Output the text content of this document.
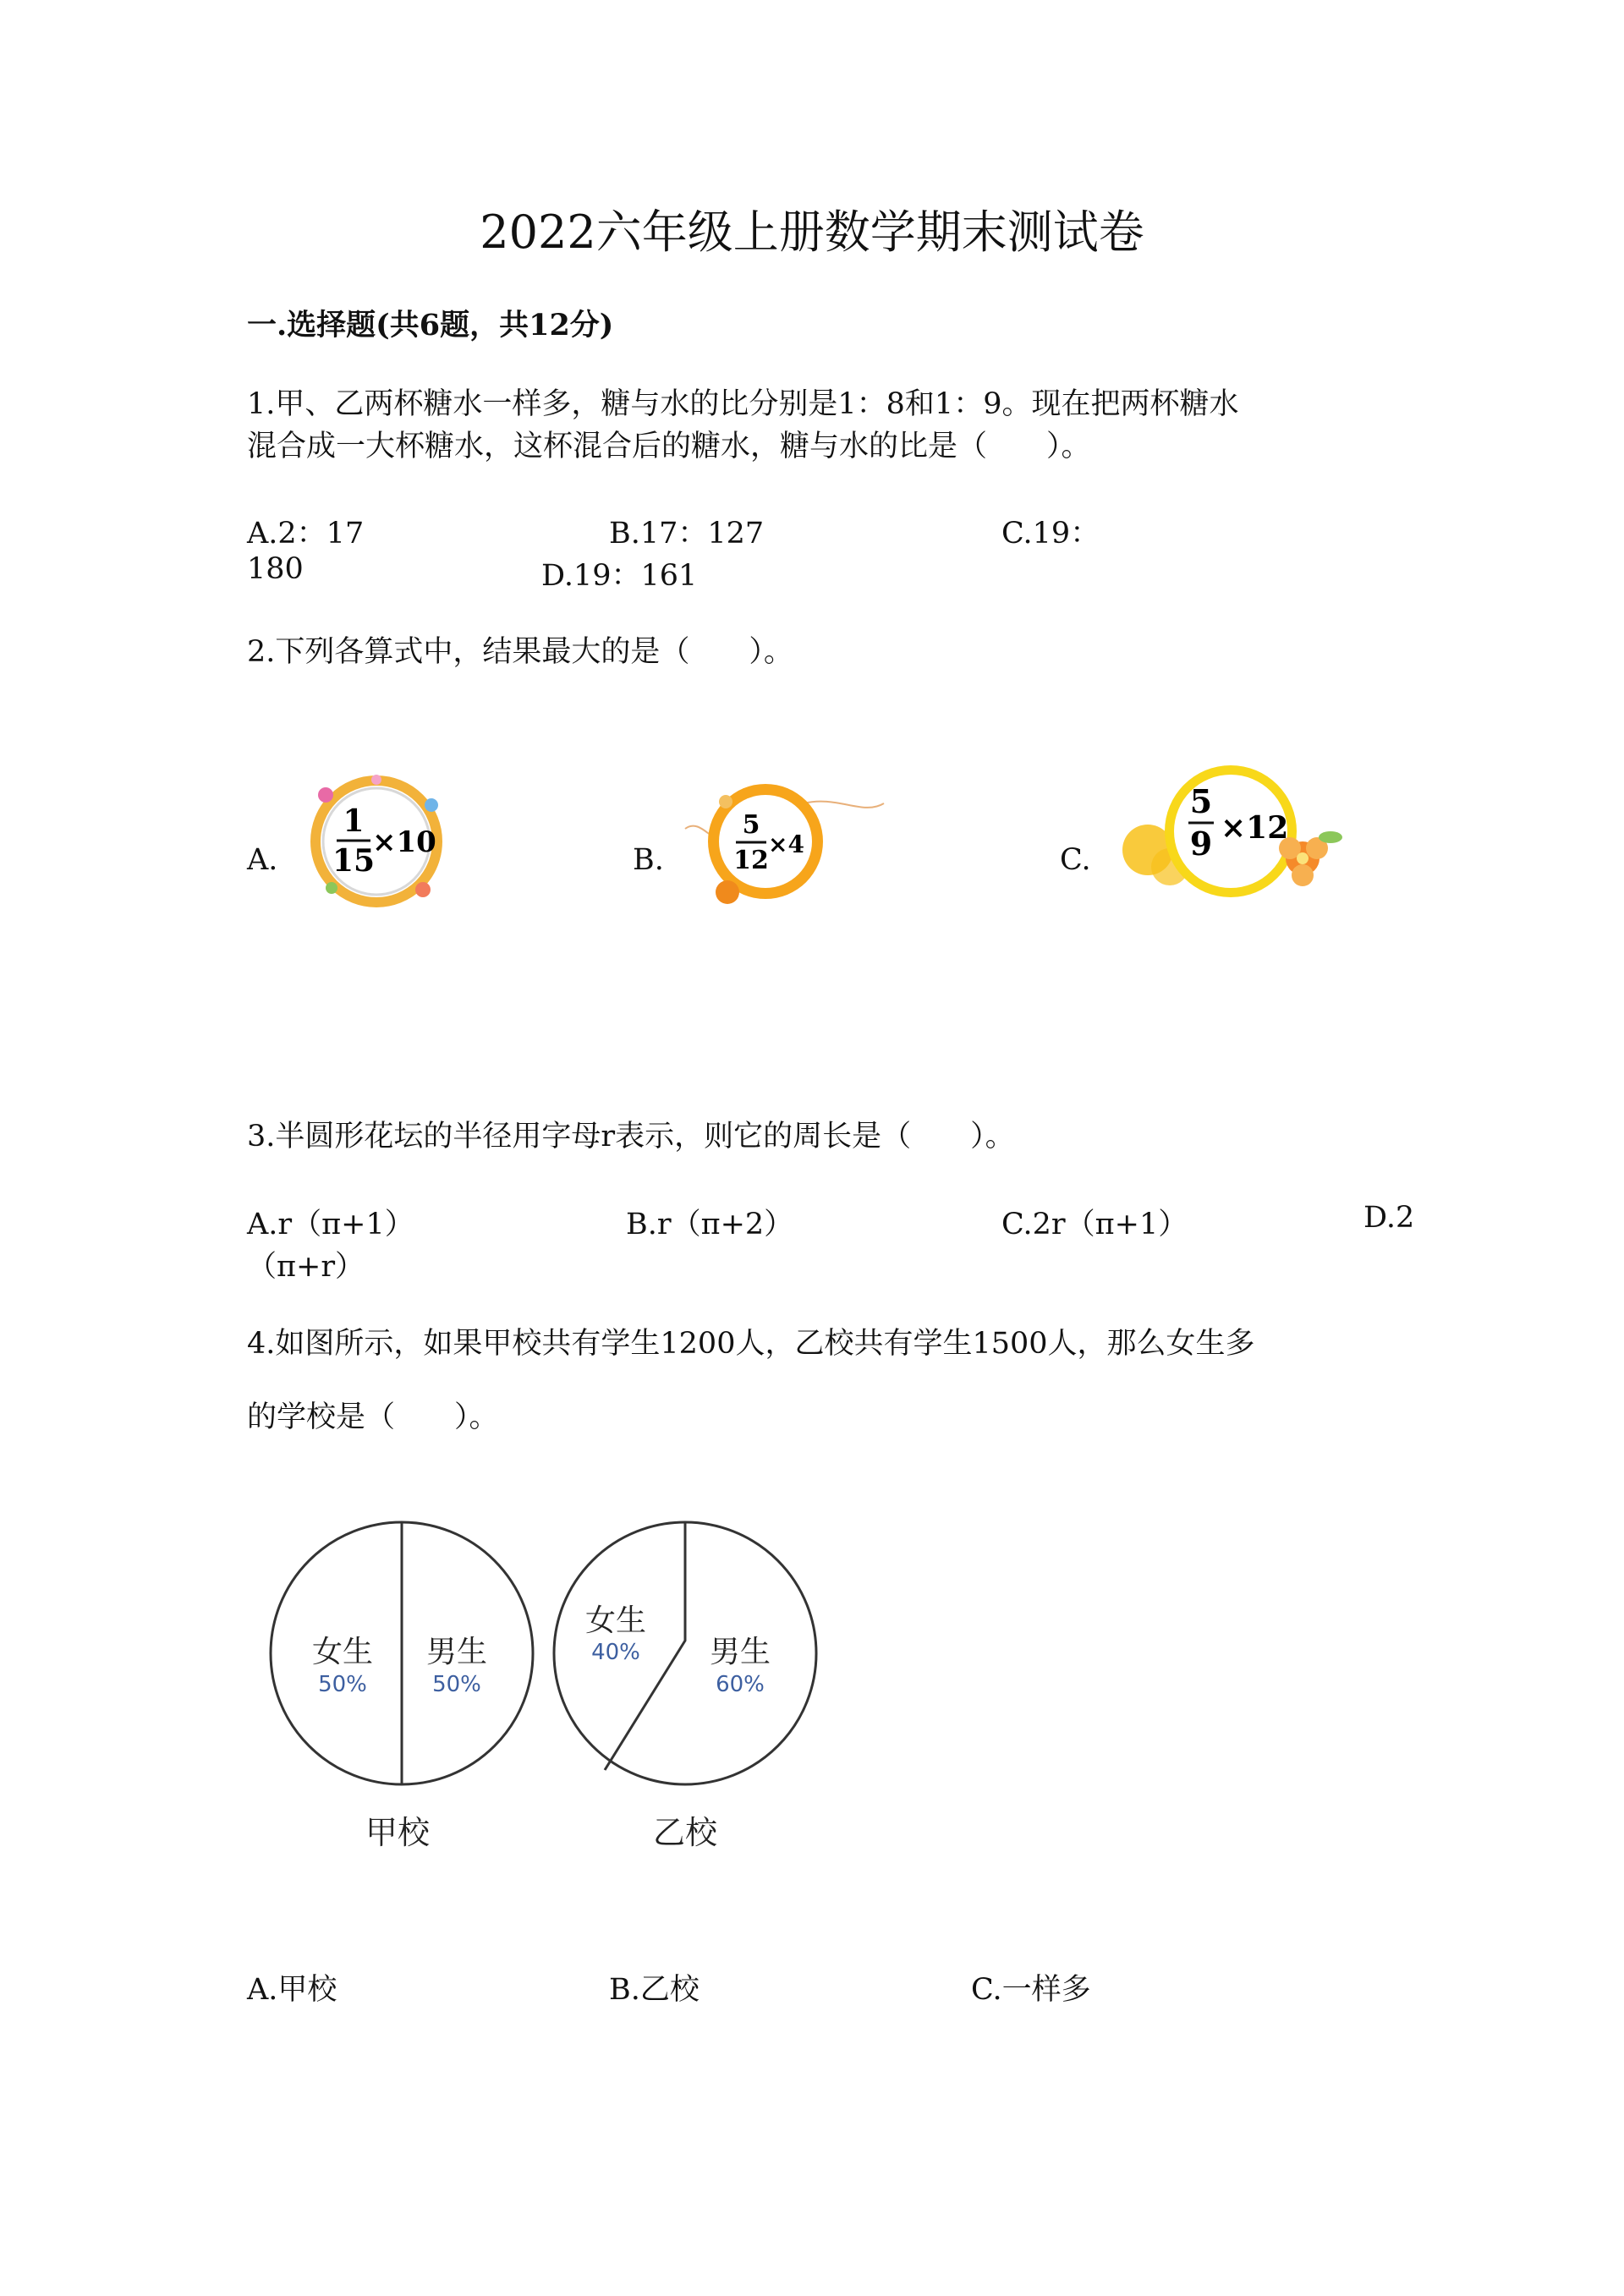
2022六年级上册数学期末测试卷
一.选择题(共6题，共12分)
1.甲、乙两杯糖水一样多，糖与水的比分别是1：8和1：9。现在把两杯糖水
混合成一大杯糖水，这杯混合后的糖水，糖与水的比是（　　）。
A.2：17	B.17：127	C.19：
180	D.19：161
2.下列各算式中，结果最大的是（　　）。
A.
1
15
×10
B.
5
12
×4	C.
5
9 ×12
3.半圆形花坛的半径用字母r表示，则它的周长是（　　）。
A.r（π+1）	B.r（π+2）	C.2r（π+1）	D.2
（π+r）
4.如图所示，如果甲校共有学生1200人，乙校共有学生1500人，那么女生多
的学校是（　　）。
女生
50%
男生
50%
甲校
女生
40% 男生
60%
乙校
A.甲校	B.乙校	C.一样多
